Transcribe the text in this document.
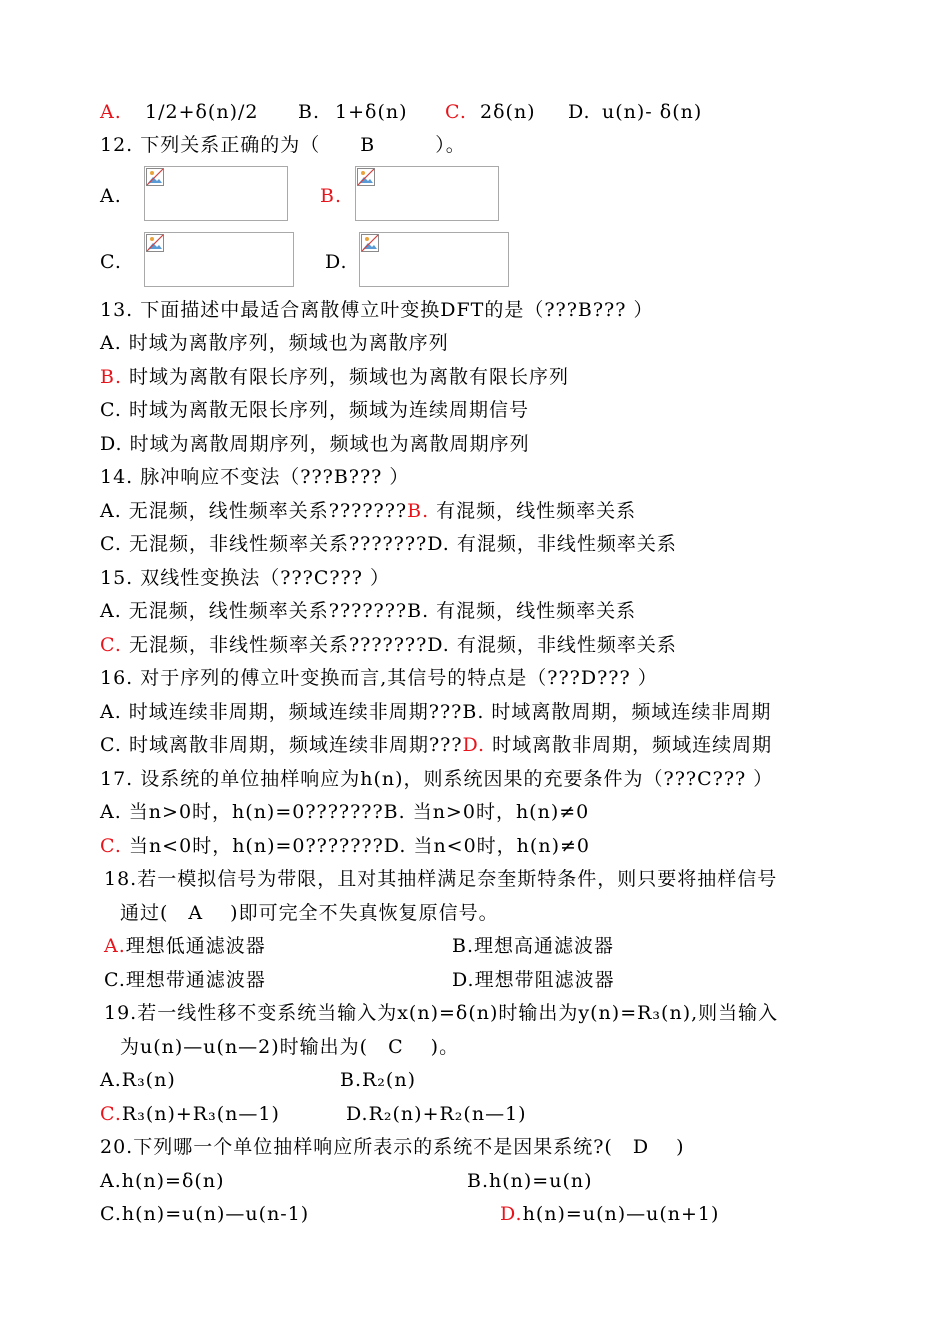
A. 1/2+δ(n)/2 B. 1+δ(n) C. 2δ(n) D. u(n)- δ(n)
12. 下列关系正确的为（　　B　　　）。
A.	B.
C.	D.
13. 下面描述中最适合离散傅立叶变换DFT的是（???B??? ）
A. 时域为离散序列，频域也为离散序列
B. 时域为离散有限长序列，频域也为离散有限长序列
C. 时域为离散无限长序列，频域为连续周期信号
D. 时域为离散周期序列，频域也为离散周期序列
14. 脉冲响应不变法（???B??? ）
A. 无混频，线性频率关系???????B. 有混频，线性频率关系
C. 无混频，非线性频率关系???????D. 有混频，非线性频率关系
15. 双线性变换法（???C??? ）
A. 无混频，线性频率关系???????B. 有混频，线性频率关系
C. 无混频，非线性频率关系???????D. 有混频，非线性频率关系
16. 对于序列的傅立叶变换而言,其信号的特点是（???D??? ）
A. 时域连续非周期，频域连续非周期???B. 时域离散周期，频域连续非周期
C. 时域离散非周期，频域连续非周期???D. 时域离散非周期，频域连续周期
17. 设系统的单位抽样响应为h(n)，则系统因果的充要条件为（???C??? ）
A. 当n>0时，h(n)=0???????B. 当n>0时，h(n)≠0
C. 当n<0时，h(n)=0???????D. 当n<0时，h(n)≠0
18.若一模拟信号为带限，且对其抽样满足奈奎斯特条件，则只要将抽样信号
通过(　A　 )即可完全不失真恢复原信号。
A.理想低通滤波器	B.理想高通滤波器
C.理想带通滤波器	D.理想带阻滤波器
19.若一线性移不变系统当输入为x(n)=δ(n)时输出为y(n)=R₃(n),则当输入
为u(n)—u(n—2)时输出为(　C　 )。
A.R₃(n)	B.R₂(n)
C.R₃(n)+R₃(n—1)	D.R₂(n)+R₂(n—1)
20.下列哪一个单位抽样响应所表示的系统不是因果系统?(　D　 )
A.h(n)=δ(n)	B.h(n)=u(n)
C.h(n)=u(n)—u(n-1)	D.h(n)=u(n)—u(n+1)
